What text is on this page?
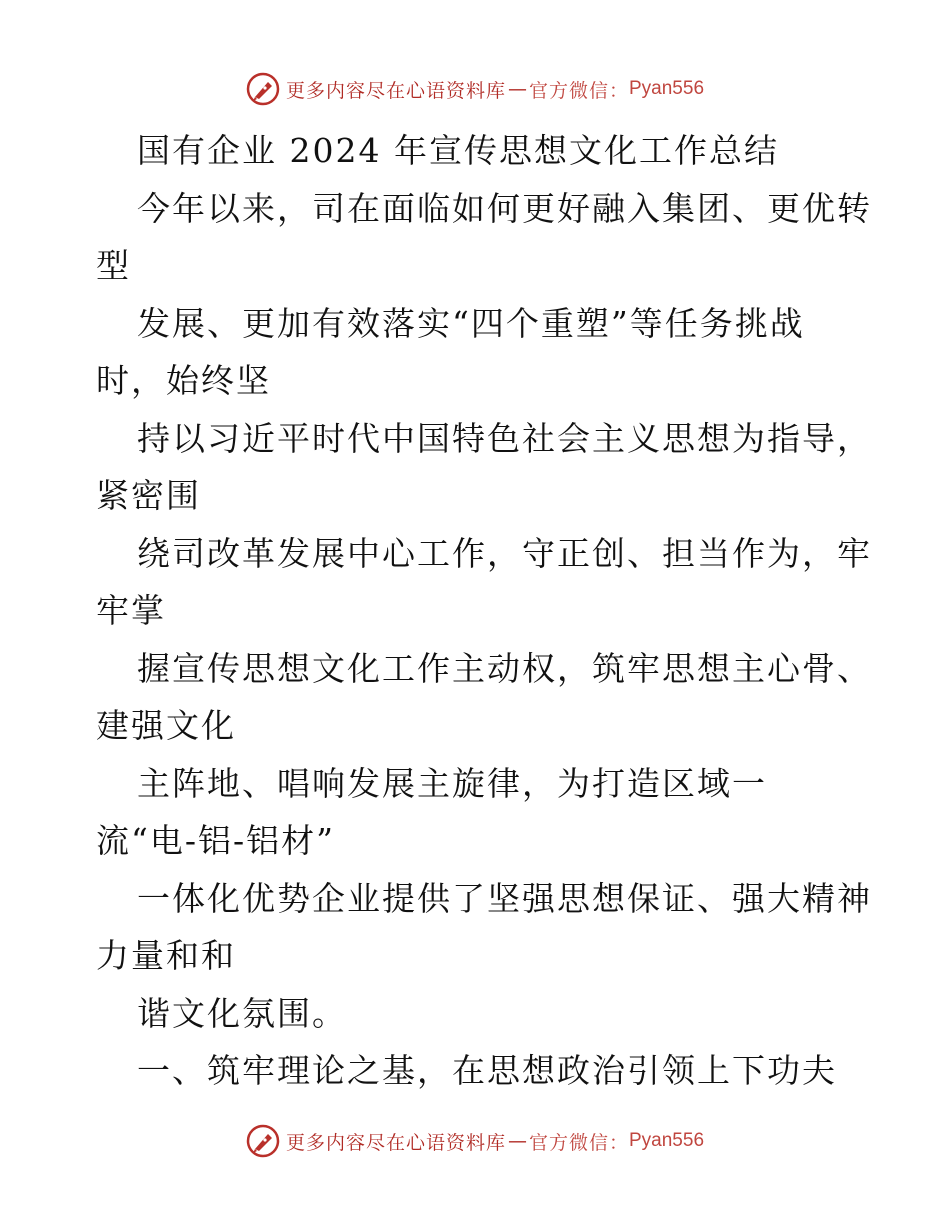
更多内容尽在心语资料库 — 官方微信： Pyan556
国有企业 2024 年宣传思想文化工作总结
今年以来，司在面临如何更好融入集团、更优转
型
发展、更加有效落实“四个重塑”等任务挑战
时，始终坚
持以习近平时代中国特色社会主义思想为指导，
紧密围
绕司改革发展中心工作，守正创、担当作为，牢
牢掌
握宣传思想文化工作主动权，筑牢思想主心骨、
建强文化
主阵地、唱响发展主旋律，为打造区域一
流“电-铝-铝材”
一体化优势企业提供了坚强思想保证、强大精神
力量和和
谐文化氛围。
一、筑牢理论之基，在思想政治引领上下功夫
更多内容尽在心语资料库 — 官方微信： Pyan556
